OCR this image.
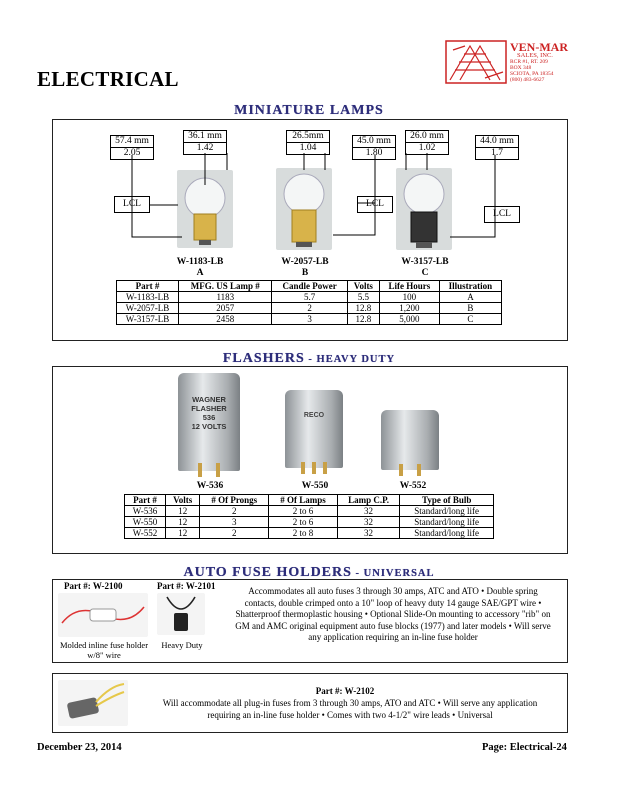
ELECTRICAL
VEN-MAR
SALES, INC.
RCR #1, RT. 209
BOX 348
SCIOTA, PA 18354
(800) 483-6627
MINIATURE LAMPS
57.4 mm
2.05
36.1 mm
1.42
26.5mm
1.04
45.0 mm
1.80
26.0 mm
1.02
44.0 mm
1.7
LCL	LCL
LCL
W-1183-LB
A
W-2057-LB
B
W-3157-LB
C
Part #	MFG. US Lamp #	Candle Power	Volts	Life Hours	Illustration
W-1183-LB	1183	5.7	5.5	100	A
W-2057-LB	2057	2	12.8	1,200	B
W-3157-LB	2458	3	12.8	5,000	C
FLASHERS - HEAVY DUTY
WAGNER
FLASHER
536
12 VOLTS
RECO
W-536	W-550	W-552
Part #	Volts	# Of Prongs	# Of Lamps	Lamp C.P.	Type of Bulb
W-536	12	2	2 to 6	32	Standard/long life
W-550	12	3	2 to 6	32	Standard/long life
W-552	12	2	2 to 8	32	Standard/long life
AUTO FUSE HOLDERS - UNIVERSAL
Part #: W-2100	Part #: W-2101
Molded inline fuse holder w/8" wire
Heavy Duty
Accommodates all auto fuses 3 through 30 amps, ATC and ATO • Double spring contacts, double crimped onto a 10" loop of heavy duty 14 gauge SAE/GPT wire • Shatterproof thermoplastic housing • Optional Slide-On mounting to accessory "rib" on GM and AMC original equipment auto fuse blocks (1977) and later models • Will serve any application requiring an in-line fuse holder
Part #: W-2102
Will accommodate all plug-in fuses from 3 through 30 amps, ATO and ATC • Will serve any application requiring an in-line fuse holder • Comes with two 4-1/2" wire leads • Universal
December 23, 2014	Page: Electrical-24
